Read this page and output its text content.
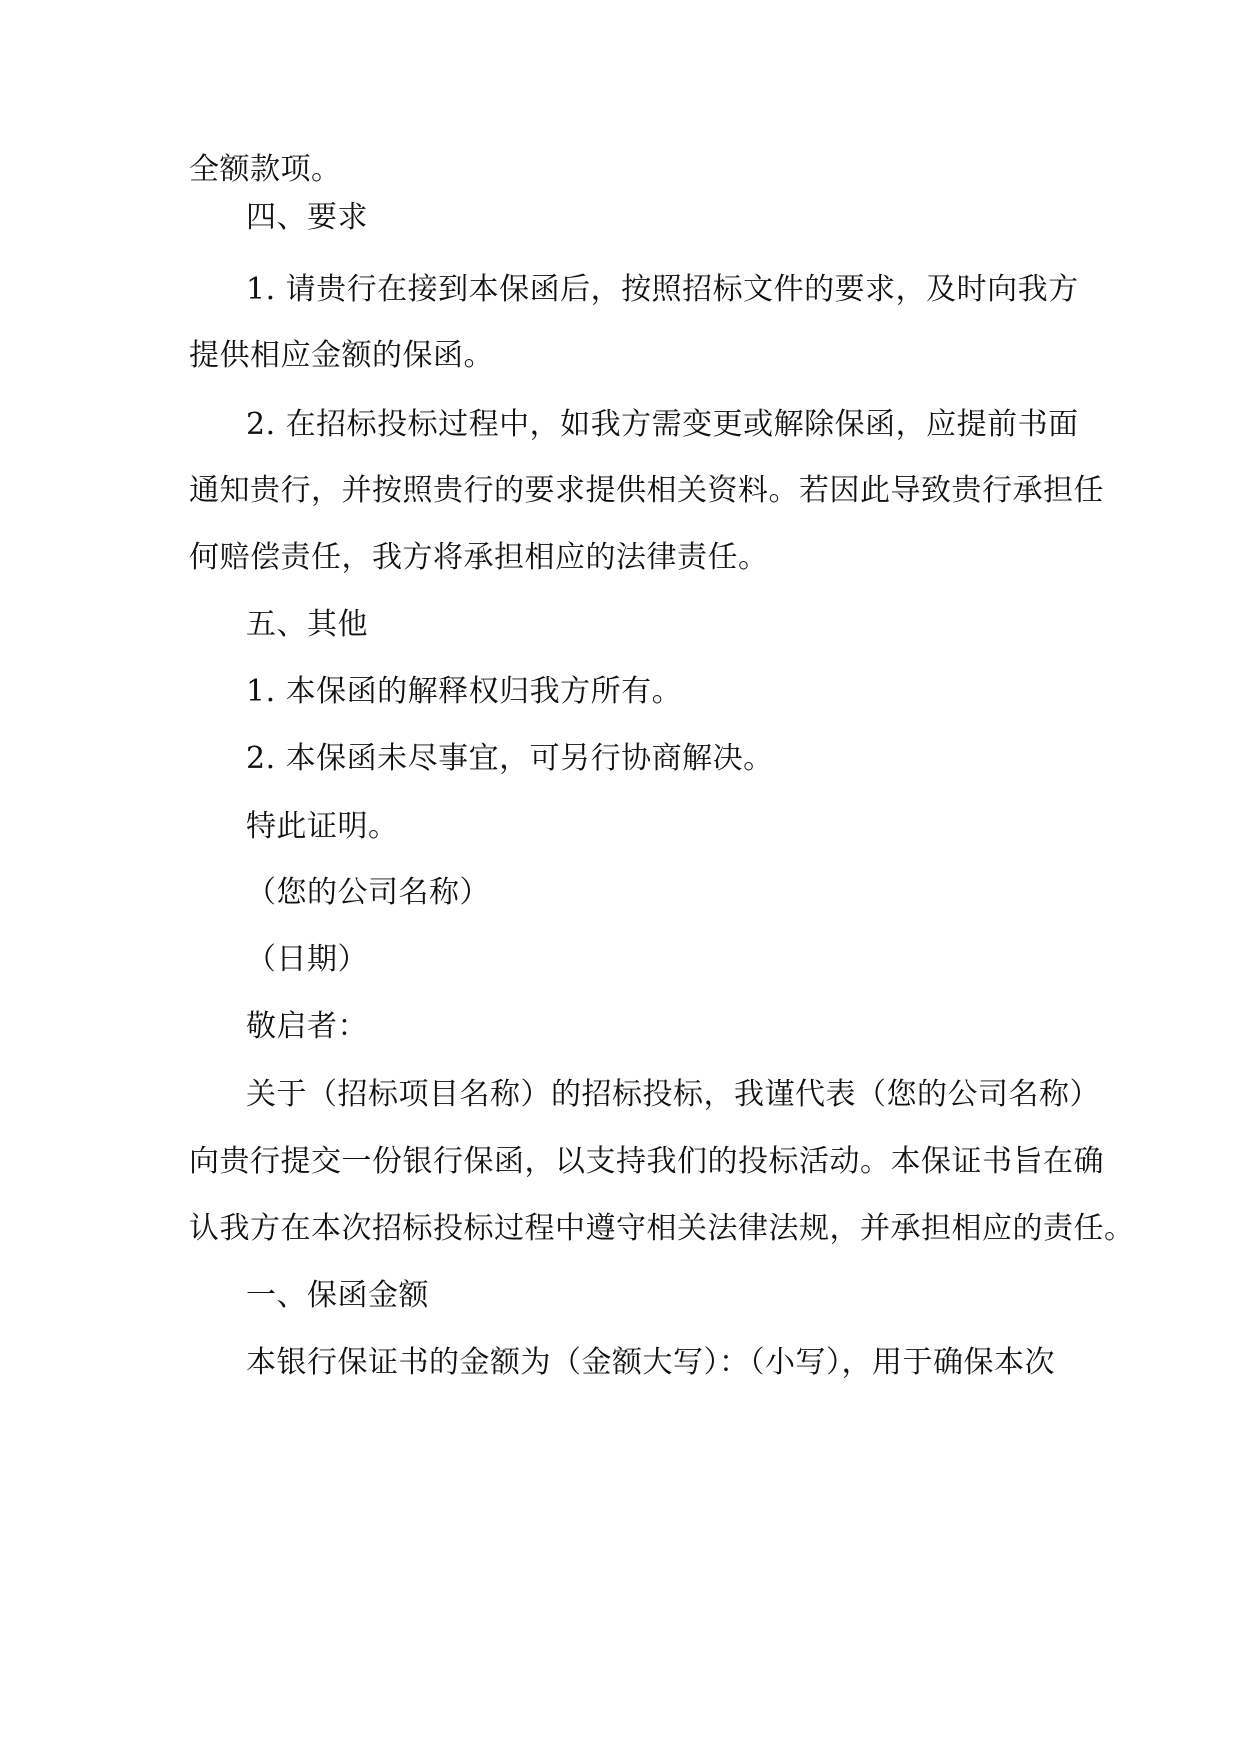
全额款项。
四、要求
1. 请贵行在接到本保函后，按照招标文件的要求，及时向我方
提供相应金额的保函。
2. 在招标投标过程中，如我方需变更或解除保函，应提前书面
通知贵行，并按照贵行的要求提供相关资料。若因此导致贵行承担任
何赔偿责任，我方将承担相应的法律责任。
五、其他
1. 本保函的解释权归我方所有。
2. 本保函未尽事宜，可另行协商解决。
特此证明。
（您的公司名称）
（日期）
敬启者：
关于（招标项目名称）的招标投标，我谨代表（您的公司名称）
向贵行提交一份银行保函，以支持我们的投标活动。本保证书旨在确
认我方在本次招标投标过程中遵守相关法律法规，并承担相应的责任。
一、保函金额
本银行保证书的金额为（金额大写）：（小写），用于确保本次
